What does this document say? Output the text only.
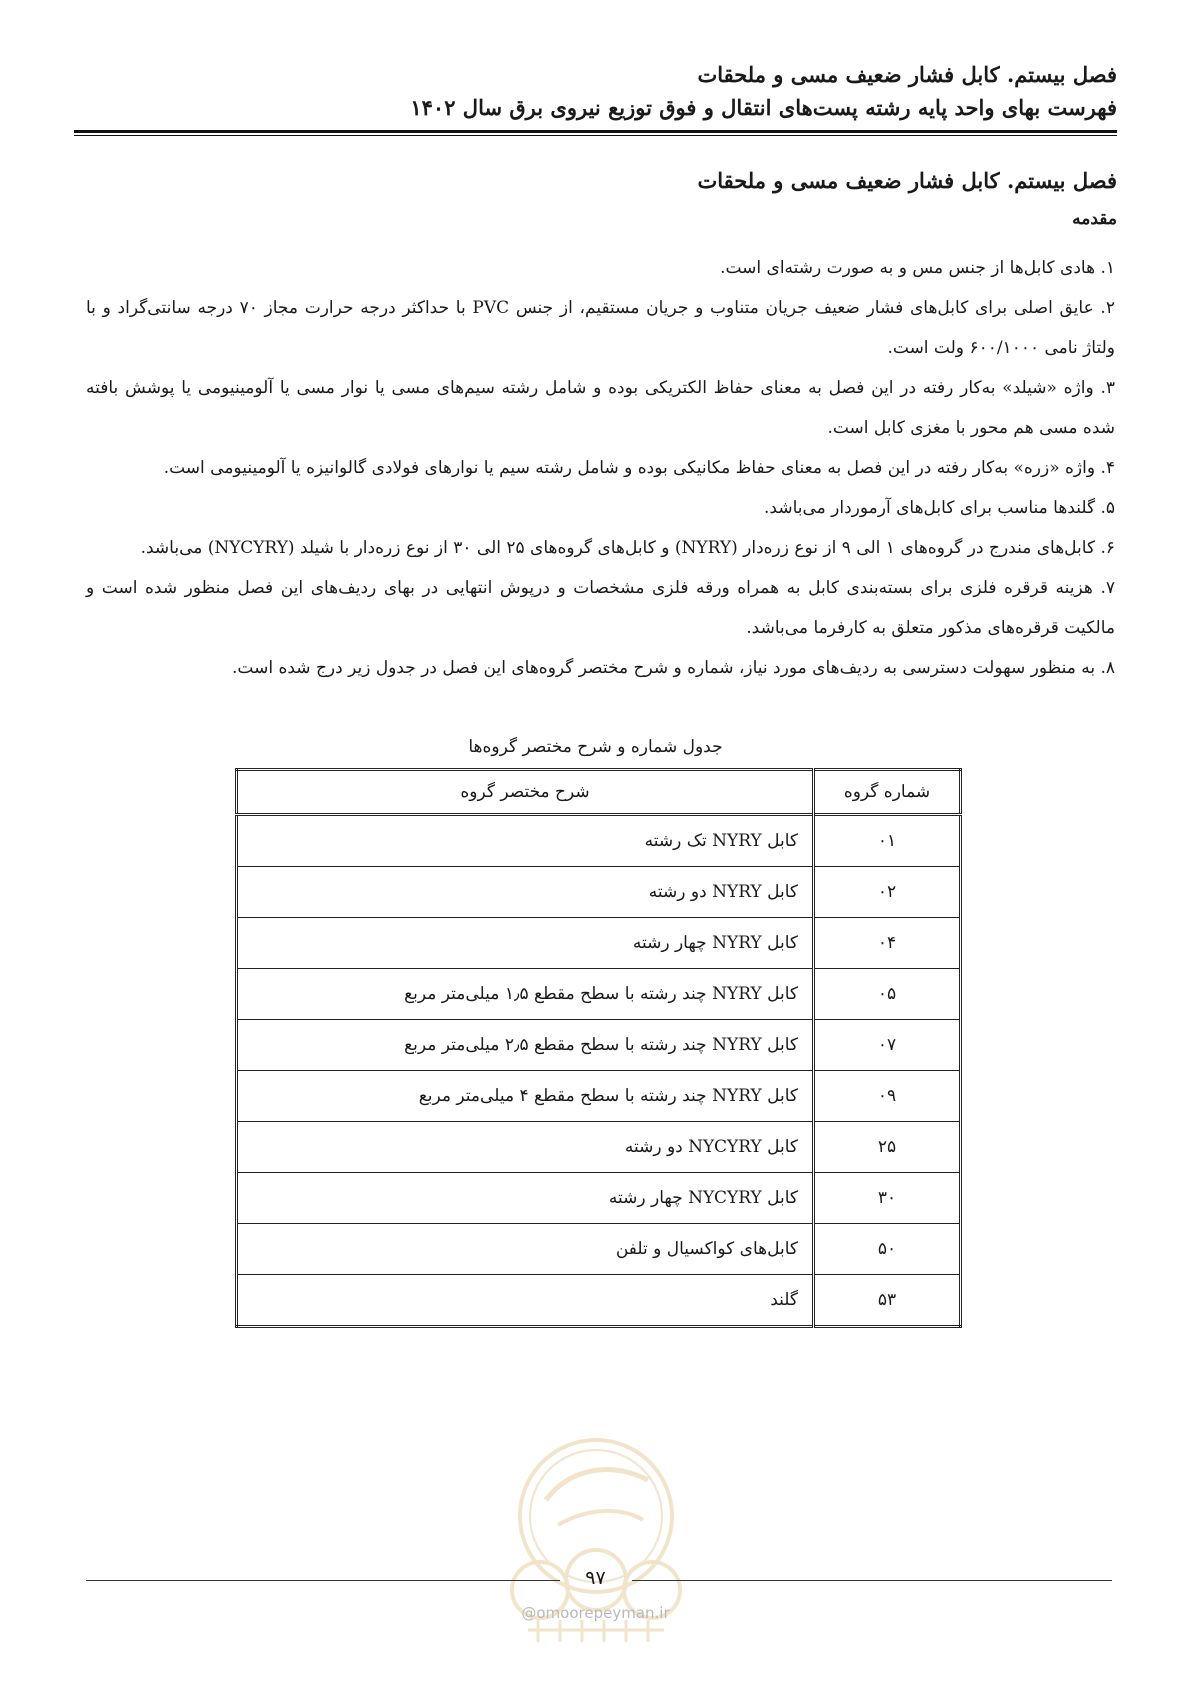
فصل بیستم. کابل فشار ضعیف مسی و ملحقات
فهرست بهای واحد پایه رشته پست‌های انتقال و فوق توزیع نیروی برق سال ۱۴۰۲
فصل بیستم. کابل فشار ضعیف مسی و ملحقات
مقدمه

۱. هادی کابل‌ها از جنس مس و به صورت رشته‌ای است.

۲. عایق اصلی برای کابل‌های فشار ضعیف جریان متناوب و جریان مستقیم، از جنس PVC با حداکثر درجه حرارت مجاز ۷۰ درجه سانتی‌گراد و با ولتاژ نامی ۶۰۰/۱۰۰۰ ولت است.

۳. واژه «شیلد» به‌کار رفته در این فصل به معنای حفاظ الکتریکی بوده و شامل رشته سیم‌های مسی یا نوار مسی یا آلومینیومی یا پوشش بافته شده مسی هم محور با مغزی کابل است.

۴. واژه «زره» به‌کار رفته در این فصل به معنای حفاظ مکانیکی بوده و شامل رشته سیم یا نوارهای فولادی گالوانیزه یا آلومینیومی است.

۵. گلندها مناسب برای کابل‌های آرموردار می‌باشد.

۶. کابل‌های مندرج در گروه‌های ۱ الی ۹ از نوع زره‌دار (NYRY) و کابل‌های گروه‌های ۲۵ الی ۳۰ از نوع زره‌دار با شیلد (NYCYRY) می‌باشد.

۷. هزینه قرقره فلزی برای بسته‌بندی کابل به همراه ورقه فلزی مشخصات و درپوش انتهایی در بهای ردیف‌های این فصل منظور شده است و مالکیت قرقره‌های مذکور متعلق به کارفرما می‌باشد.

۸. به منظور سهولت دسترسی به ردیف‌های مورد نیاز، شماره و شرح مختصر گروه‌های این فصل در جدول زیر درج شده است.

جدول شماره و شرح مختصر گروه‌ها
شماره گروه	شرح مختصر گروه
۰۱	کابل NYRY تک رشته
۰۲	کابل NYRY دو رشته
۰۴	کابل NYRY چهار رشته
۰۵	کابل NYRY چند رشته با سطح مقطع ۱٫۵ میلی‌متر مربع
۰۷	کابل NYRY چند رشته با سطح مقطع ۲٫۵ میلی‌متر مربع
۰۹	کابل NYRY چند رشته با سطح مقطع ۴ میلی‌متر مربع
۲۵	کابل NYCYRY دو رشته
۳۰	کابل NYCYRY چهار رشته
۵۰	کابل‌های کواکسیال و تلفن
۵۳	گلند
۹۷
@omoorepeyman.ir
